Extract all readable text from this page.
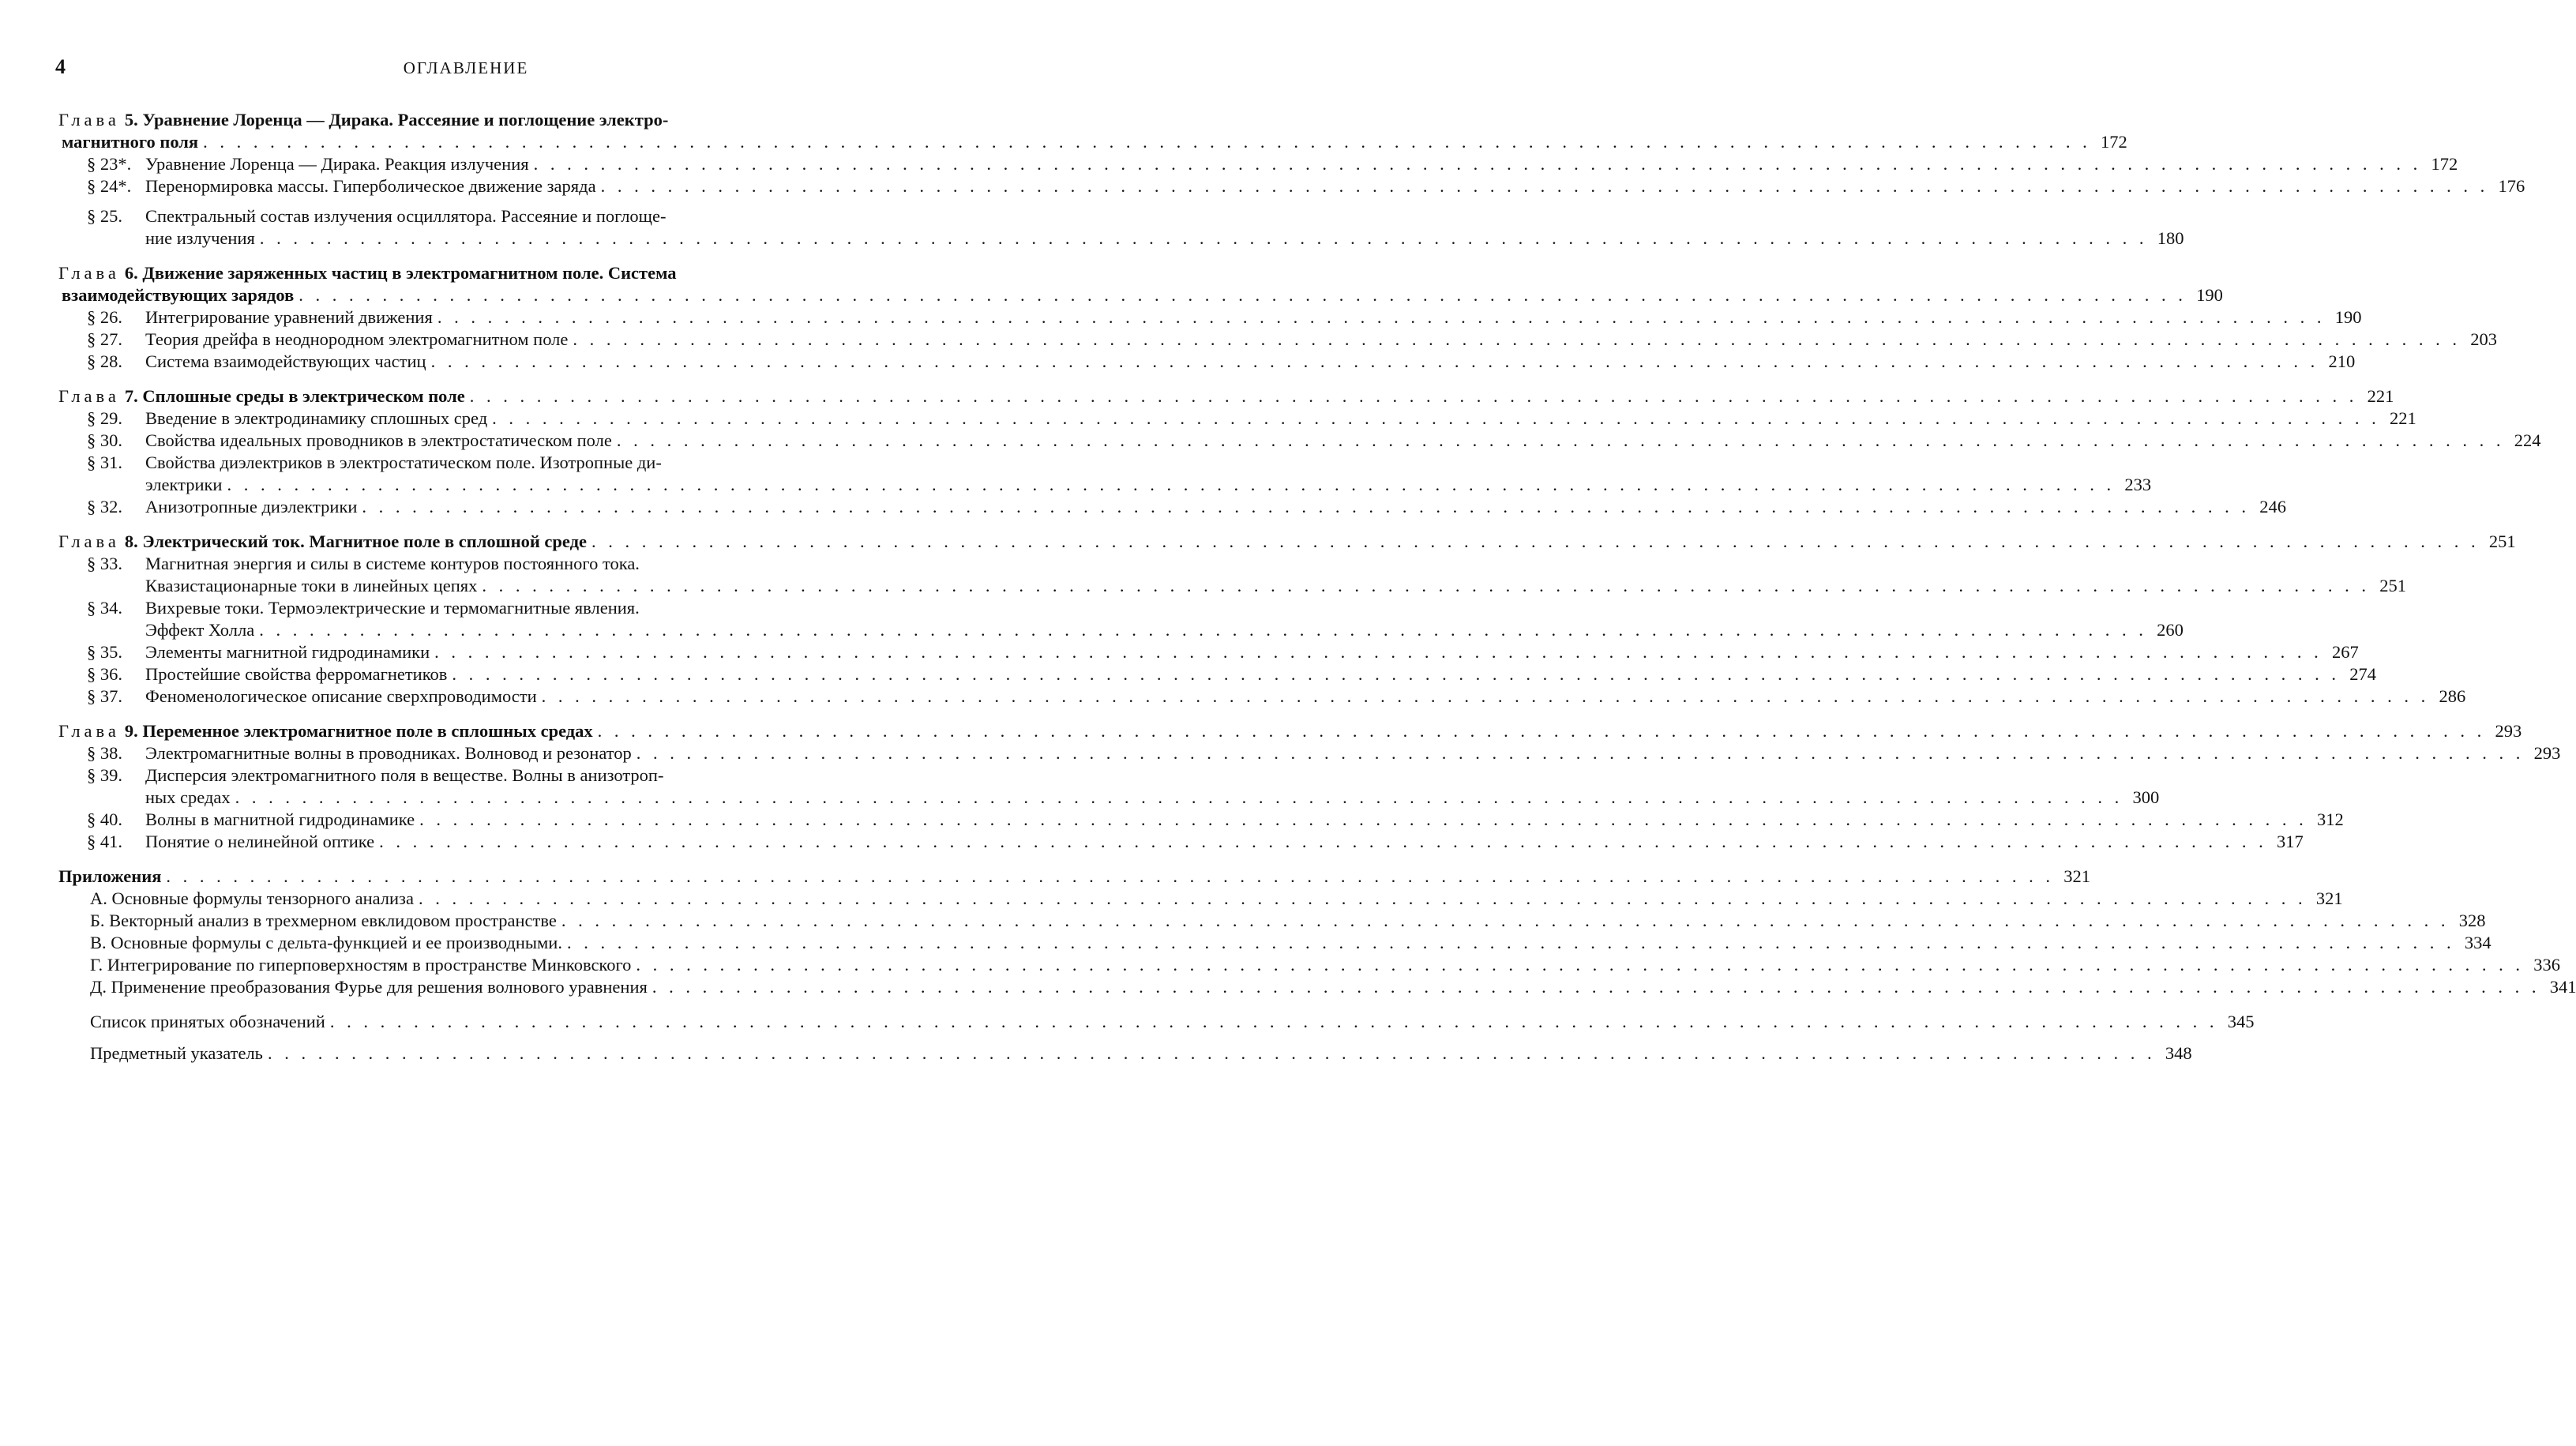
4	ОГЛАВЛЕНИЕ
Глава 5. Уравнение Лоренца — Дирака. Рассеяние и поглощение электро-
магнитного поля . . .	172
§ 23*. Уравнение Лоренца — Дирака. Реакция излучения . . .	172
§ 24*. Перенормировка массы. Гиперболическое движение заряда . . .	176
§ 25.	Спектральный состав излучения осциллятора. Рассеяние и поглоще-
ние излучения . . .	180
Глава 6. Движение заряженных частиц в электромагнитном поле. Система
взаимодействующих зарядов . . .	190
§ 26.	Интегрирование уравнений движения . . .	190
§ 27.	Теория дрейфа в неоднородном электромагнитном поле . . .	203
§ 28.	Система взаимодействующих частиц . . .	210
Глава 7. Сплошные среды в электрическом поле . . .	221
§ 29.	Введение в электродинамику сплошных сред . . .	221
§ 30.	Свойства идеальных проводников в электростатическом поле . . .	224
§ 31.	Свойства диэлектриков в электростатическом поле. Изотропные ди-
электрики . . .	233
§ 32.	Анизотропные диэлектрики . . .	246
Глава 8. Электрический ток. Магнитное поле в сплошной среде . . .	251
§ 33.	Магнитная энергия и силы в системе контуров постоянного тока.
Квазистационарные токи в линейных цепях . . .	251
§ 34.	Вихревые токи. Термоэлектрические и термомагнитные явления.
Эффект Холла . . .	260
§ 35.	Элементы магнитной гидродинамики . . .	267
§ 36.	Простейшие свойства ферромагнетиков . . .	274
§ 37.	Феноменологическое описание сверхпроводимости . . .	286
Глава 9. Переменное электромагнитное поле в сплошных средах . . .	293
§ 38.	Электромагнитные волны в проводниках. Волновод и резонатор . . .	293
§ 39.	Дисперсия электромагнитного поля в веществе. Волны в анизотроп-
ных средах . . .	300
§ 40.	Волны в магнитной гидродинамике . . .	312
§ 41.	Понятие о нелинейной оптике . . .	317
Приложения . . .	321
А. Основные формулы тензорного анализа . . .	321
Б. Векторный анализ в трехмерном евклидовом пространстве . . .	328
В. Основные формулы с дельта-функцией и ее производными. . . .	334
Г. Интегрирование по гиперповерхностям в пространстве Минковского . . .	336
Д. Применение преобразования Фурье для решения волнового уравнения . . .	341
Список принятых обозначений . . .	345
Предметный указатель . . .	348
